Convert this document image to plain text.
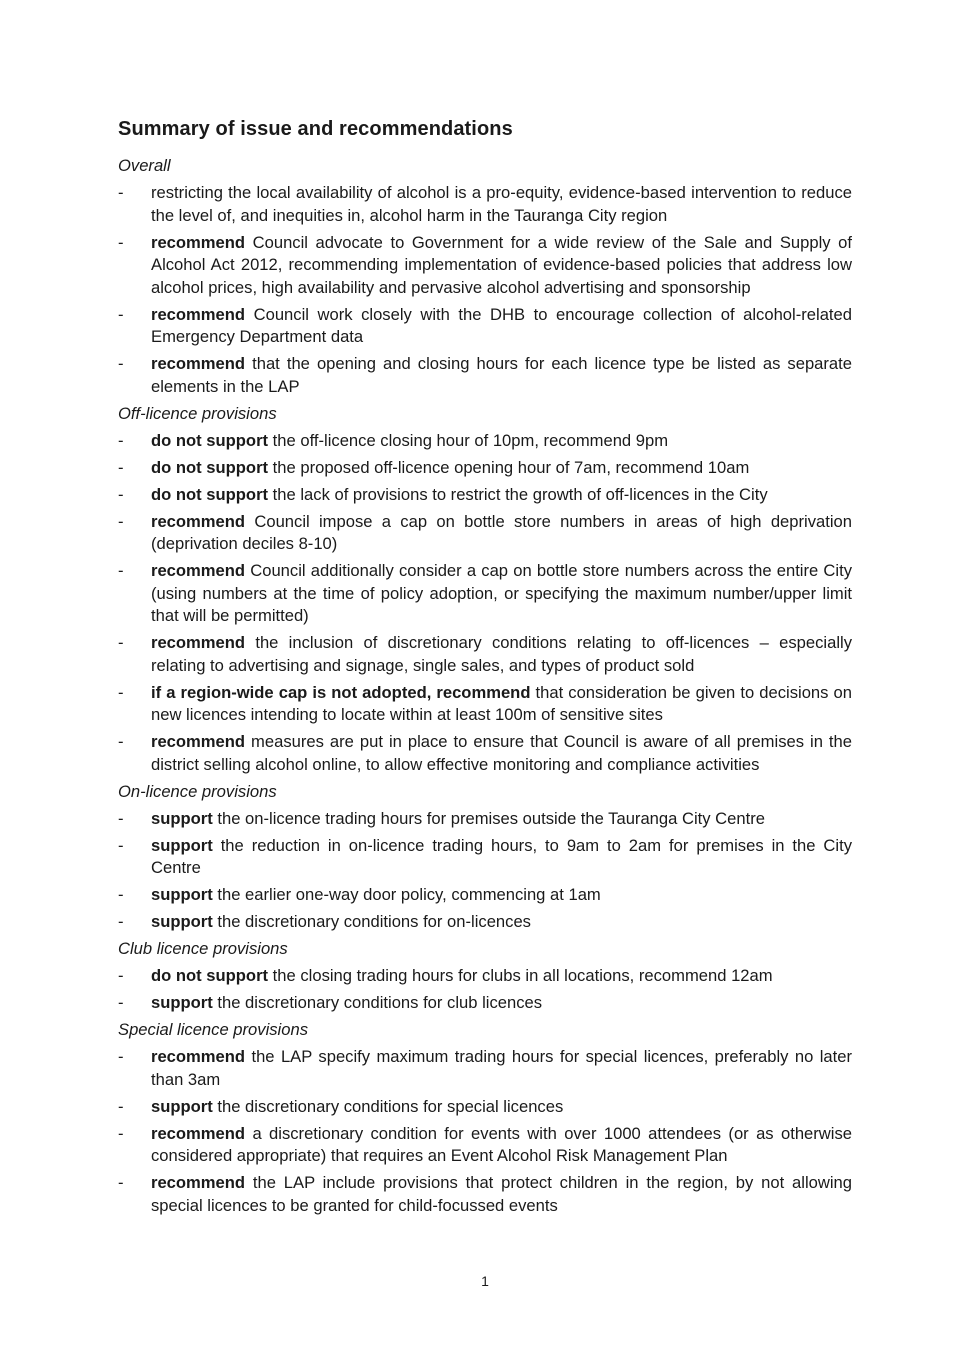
Summary of issue and recommendations
Overall
- restricting the local availability of alcohol is a pro-equity, evidence-based intervention to reduce the level of, and inequities in, alcohol harm in the Tauranga City region
- recommend Council advocate to Government for a wide review of the Sale and Supply of Alcohol Act 2012, recommending implementation of evidence-based policies that address low alcohol prices, high availability and pervasive alcohol advertising and sponsorship
- recommend Council work closely with the DHB to encourage collection of alcohol-related Emergency Department data
- recommend that the opening and closing hours for each licence type be listed as separate elements in the LAP
Off-licence provisions
- do not support the off-licence closing hour of 10pm, recommend 9pm
- do not support the proposed off-licence opening hour of 7am, recommend 10am
- do not support the lack of provisions to restrict the growth of off-licences in the City
- recommend Council impose a cap on bottle store numbers in areas of high deprivation (deprivation deciles 8-10)
- recommend Council additionally consider a cap on bottle store numbers across the entire City (using numbers at the time of policy adoption, or specifying the maximum number/upper limit that will be permitted)
- recommend the inclusion of discretionary conditions relating to off-licences – especially relating to advertising and signage, single sales, and types of product sold
- if a region-wide cap is not adopted, recommend that consideration be given to decisions on new licences intending to locate within at least 100m of sensitive sites
- recommend measures are put in place to ensure that Council is aware of all premises in the district selling alcohol online, to allow effective monitoring and compliance activities
On-licence provisions
- support the on-licence trading hours for premises outside the Tauranga City Centre
- support the reduction in on-licence trading hours, to 9am to 2am for premises in the City Centre
- support the earlier one-way door policy, commencing at 1am
- support the discretionary conditions for on-licences
Club licence provisions
- do not support the closing trading hours for clubs in all locations, recommend 12am
- support the discretionary conditions for club licences
Special licence provisions
- recommend the LAP specify maximum trading hours for special licences, preferably no later than 3am
- support the discretionary conditions for special licences
- recommend a discretionary condition for events with over 1000 attendees (or as otherwise considered appropriate) that requires an Event Alcohol Risk Management Plan
- recommend the LAP include provisions that protect children in the region, by not allowing special licences to be granted for child-focussed events
1
